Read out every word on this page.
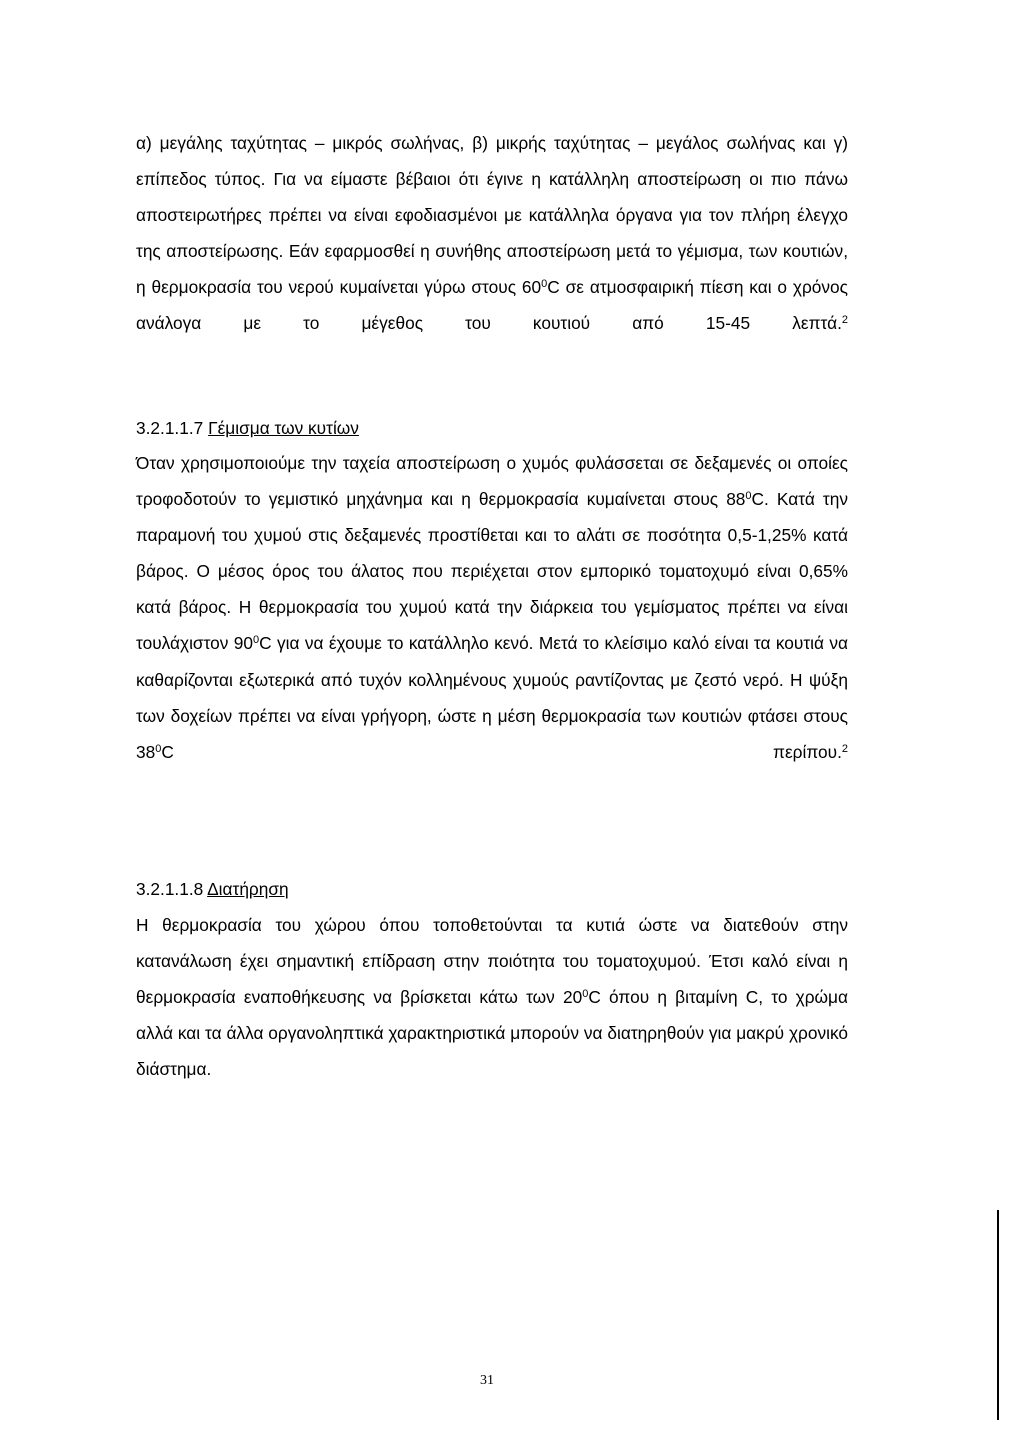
α) μεγάλης ταχύτητας – μικρός σωλήνας, β) μικρής ταχύτητας – μεγάλος σωλήνας και γ) επίπεδος τύπος. Για να είμαστε βέβαιοι ότι έγινε η κατάλληλη αποστείρωση οι πιο πάνω αποστειρωτήρες πρέπει να είναι εφοδιασμένοι με κατάλληλα όργανα για τον πλήρη έλεγχο της αποστείρωσης. Εάν εφαρμοσθεί η συνήθης αποστείρωση μετά το γέμισμα, των κουτιών, η θερμοκρασία του νερού κυμαίνεται γύρω στους $60^0C$ σε ατμοσφαιρική πίεση και ο χρόνος ανάλογα με το μέγεθος του κουτιού από 15-45 λεπτά.$^2$

3.2.1.1.7 Γέμισμα των κυτίων

Όταν χρησιμοποιούμε την ταχεία αποστείρωση ο χυμός φυλάσσεται σε δεξαμενές οι οποίες τροφοδοτούν το γεμιστικό μηχάνημα και η θερμοκρασία κυμαίνεται στους $88^0C$. Κατά την παραμονή του χυμού στις δεξαμενές προστίθεται και το αλάτι σε ποσότητα 0,5-1,25% κατά βάρος. Ο μέσος όρος του άλατος που περιέχεται στον εμπορικό τοματοχυμό είναι 0,65% κατά βάρος. Η θερμοκρασία του χυμού κατά την διάρκεια του γεμίσματος πρέπει να είναι τουλάχιστον $90^0C$ για να έχουμε το κατάλληλο κενό. Μετά το κλείσιμο καλό είναι τα κουτιά να καθαρίζονται εξωτερικά από τυχόν κολλημένους χυμούς ραντίζοντας με ζεστό νερό. Η ψύξη των δοχείων πρέπει να είναι γρήγορη, ώστε η μέση θερμοκρασία των κουτιών φτάσει στους $38^0C$ περίπου.$^2$

3.2.1.1.8 Διατήρηση

Η θερμοκρασία του χώρου όπου τοποθετούνται τα κυτιά ώστε να διατεθούν στην κατανάλωση έχει σημαντική επίδραση στην ποιότητα του τοματοχυμού. Έτσι καλό είναι η θερμοκρασία εναποθήκευσης να βρίσκεται κάτω των $20^0C$ όπου η βιταμίνη C, το χρώμα αλλά και τα άλλα οργανοληπτικά χαρακτηριστικά μπορούν να διατηρηθούν για μακρύ χρονικό διάστημα.

31
